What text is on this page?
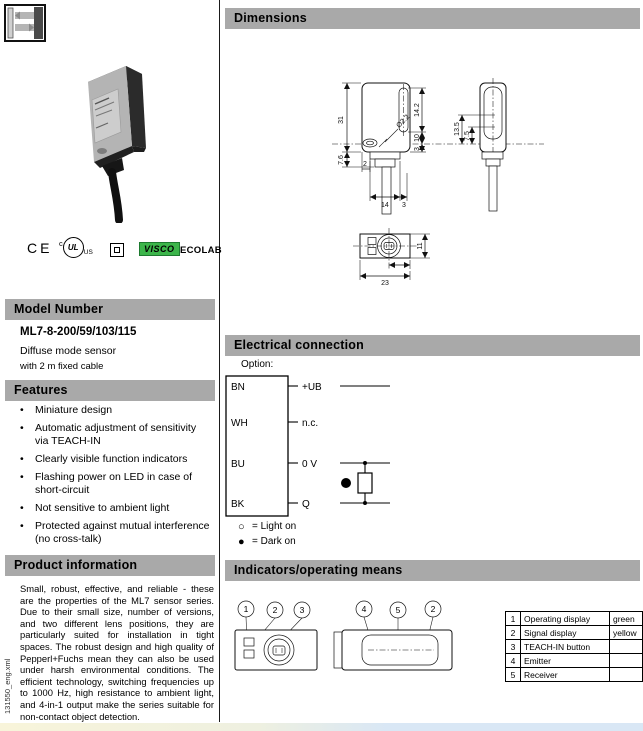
CE c UL
US	VISCO ECOLAB
Model Number
ML7-8-200/59/103/115
Diffuse mode sensor
with 2 m fixed cable
Features
•	Miniature design
•	Automatic adjustment of sensitivity via TEACH-IN
•	Clearly visible function indicators
•	Flashing power on LED in case of short-circuit
•	Not sensitive to ambient light
•	Protected against mutual interference (no cross-talk)
Product information
Small, robust, effective, and reliable - these are the properties of the ML7 sensor series. Due to their small size, number of versions, and two different lens positions, they are particularly suited for installation in tight spaces. The robust design and high quality of Pepperl+Fuchs mean they can also be used under harsh environmental conditions. The efficient technology, switching frequencies up to 1000 Hz, high resistance to ambient light, and 4-in-1 output make the series suitable for non-contact object detection.
131550_eng.xml
Dimensions
Ø2.2
31
7.6	2
14.2
10
3
14 3
13.5
7.5
11
23
Electrical connection
Option:
BN	+UB
WH	n.c.
BU	0 V
BK	Q
○ = Light on
● = Dark on
Indicators/operating means
1	2	3	4	5	2
1	Operating display	green
2	Signal display	yellow
3	TEACH-IN button	
4	Emitter	
5	Receiver	
